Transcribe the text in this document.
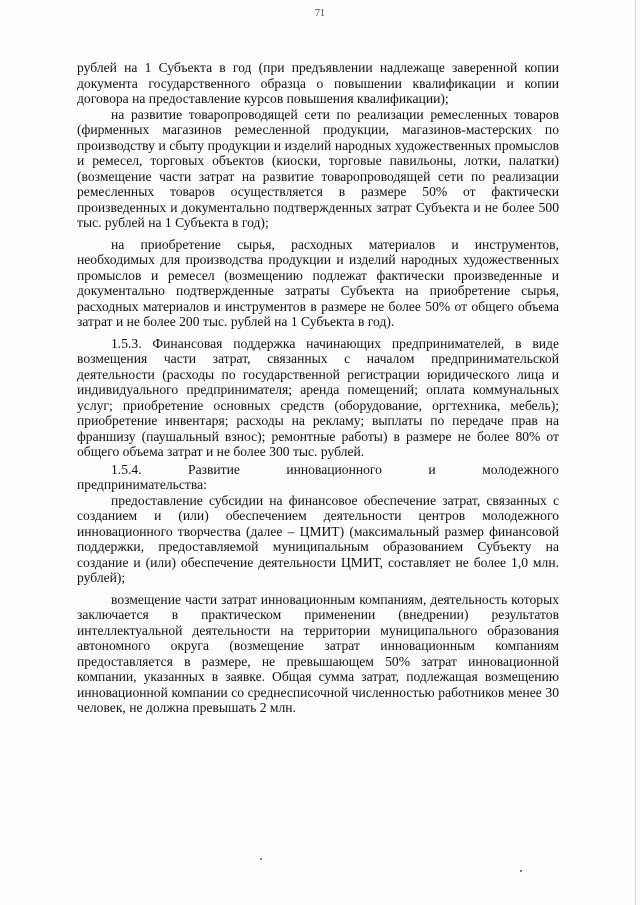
71

рублей на 1 Субъекта в год (при предъявлении надлежаще заверенной копии документа государственного образца о повышении квалификации и копии договора на предоставление курсов повышения квалификации);

на развитие товаропроводящей сети по реализации ремесленных товаров (фирменных магазинов ремесленной продукции, магазинов-мастерских по производству и сбыту продукции и изделий народных художественных промыслов и ремесел, торговых объектов (киоски, торговые павильоны, лотки, палатки) (возмещение части затрат на развитие товаропроводящей сети по реализации ремесленных товаров осуществляется в размере 50% от фактически произведенных и документально подтвержденных затрат Субъекта и не более 500 тыс. рублей на 1 Субъекта в год);

на приобретение сырья, расходных материалов и инструментов, необходимых для производства продукции и изделий народных художественных промыслов и ремесел (возмещению подлежат фактически произведенные и документально подтвержденные затраты Субъекта на приобретение сырья, расходных материалов и инструментов в размере не более 50% от общего объема затрат и не более 200 тыс. рублей на 1 Субъекта в год).

1.5.3. Финансовая поддержка начинающих предпринимателей, в виде возмещения части затрат, связанных с началом предпринимательской деятельности (расходы по государственной регистрации юридического лица и индивидуального предпринимателя; аренда помещений; оплата коммунальных услуг; приобретение основных средств (оборудование, оргтехника, мебель); приобретение инвентаря; расходы на рекламу; выплаты по передаче прав на франшизу (паушальный взнос); ремонтные работы) в размере не более 80% от общего объема затрат и не более 300 тыс. рублей.

1.5.4.	Развитие	инновационного	и	молодежного

предпринимательства:

предоставление субсидии на финансовое обеспечение затрат, связанных с созданием и (или) обеспечением деятельности центров молодежного инновационного творчества (далее – ЦМИТ) (максимальный размер финансовой поддержки, предоставляемой муниципальным образованием Субъекту на создание и (или) обеспечение деятельности ЦМИТ, составляет не более 1,0 млн. рублей);

возмещение части затрат инновационным компаниям, деятельность которых заключается в практическом применении (внедрении) результатов интеллектуальной деятельности на территории муниципального образования автономного округа (возмещение затрат инновационным компаниям предоставляется в размере, не превышающем 50% затрат инновационной компании, указанных в заявке. Общая сумма затрат, подлежащая возмещению инновационной компании со среднесписочной численностью работников менее 30 человек, не должна превышать 2 млн.
